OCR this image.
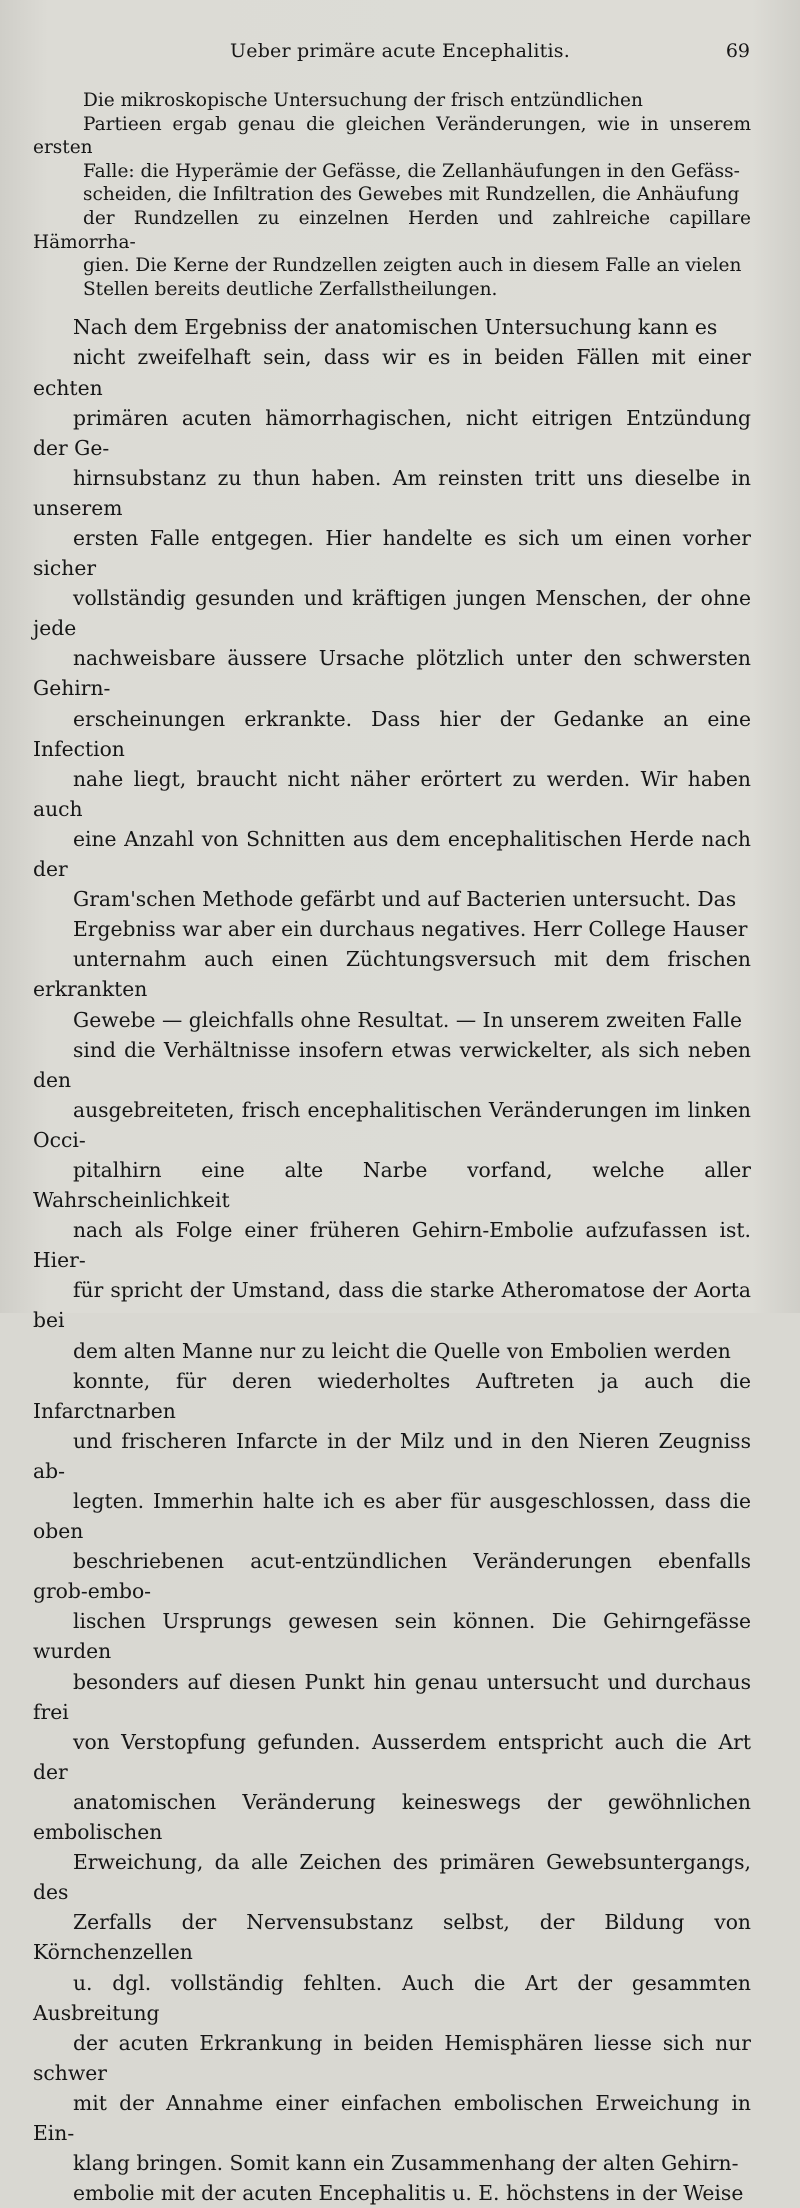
Ueber primäre acute Encephalitis.	69

Die mikroskopische Untersuchung der frisch entzündlichen
Partieen ergab genau die gleichen Veränderungen, wie in unserem ersten
Falle: die Hyperämie der Gefässe, die Zellanhäufungen in den Gefäss-
scheiden, die Infiltration des Gewebes mit Rundzellen, die Anhäufung
der Rundzellen zu einzelnen Herden und zahlreiche capillare Hämorrha-
gien. Die Kerne der Rundzellen zeigten auch in diesem Falle an vielen
Stellen bereits deutliche Zerfallstheilungen.

Nach dem Ergebniss der anatomischen Untersuchung kann es
nicht zweifelhaft sein, dass wir es in beiden Fällen mit einer echten
primären acuten hämorrhagischen, nicht eitrigen Entzündung der Ge-
hirnsubstanz zu thun haben. Am reinsten tritt uns dieselbe in unserem
ersten Falle entgegen. Hier handelte es sich um einen vorher sicher
vollständig gesunden und kräftigen jungen Menschen, der ohne jede
nachweisbare äussere Ursache plötzlich unter den schwersten Gehirn-
erscheinungen erkrankte. Dass hier der Gedanke an eine Infection
nahe liegt, braucht nicht näher erörtert zu werden. Wir haben auch
eine Anzahl von Schnitten aus dem encephalitischen Herde nach der
Gram'schen Methode gefärbt und auf Bacterien untersucht. Das
Ergebniss war aber ein durchaus negatives. Herr College Hauser
unternahm auch einen Züchtungsversuch mit dem frischen erkrankten
Gewebe — gleichfalls ohne Resultat. — In unserem zweiten Falle
sind die Verhältnisse insofern etwas verwickelter, als sich neben den
ausgebreiteten, frisch encephalitischen Veränderungen im linken Occi-
pitalhirn eine alte Narbe vorfand, welche aller Wahrscheinlichkeit
nach als Folge einer früheren Gehirn-Embolie aufzufassen ist. Hier-
für spricht der Umstand, dass die starke Atheromatose der Aorta bei
dem alten Manne nur zu leicht die Quelle von Embolien werden
konnte, für deren wiederholtes Auftreten ja auch die Infarctnarben
und frischeren Infarcte in der Milz und in den Nieren Zeugniss ab-
legten. Immerhin halte ich es aber für ausgeschlossen, dass die oben
beschriebenen acut-entzündlichen Veränderungen ebenfalls grob-embo-
lischen Ursprungs gewesen sein können. Die Gehirngefässe wurden
besonders auf diesen Punkt hin genau untersucht und durchaus frei
von Verstopfung gefunden. Ausserdem entspricht auch die Art der
anatomischen Veränderung keineswegs der gewöhnlichen embolischen
Erweichung, da alle Zeichen des primären Gewebsuntergangs, des
Zerfalls der Nervensubstanz selbst, der Bildung von Körnchenzellen
u. dgl. vollständig fehlten. Auch die Art der gesammten Ausbreitung
der acuten Erkrankung in beiden Hemisphären liesse sich nur schwer
mit der Annahme einer einfachen embolischen Erweichung in Ein-
klang bringen. Somit kann ein Zusammenhang der alten Gehirn-
embolie mit der acuten Encephalitis u. E. höchstens in der Weise
